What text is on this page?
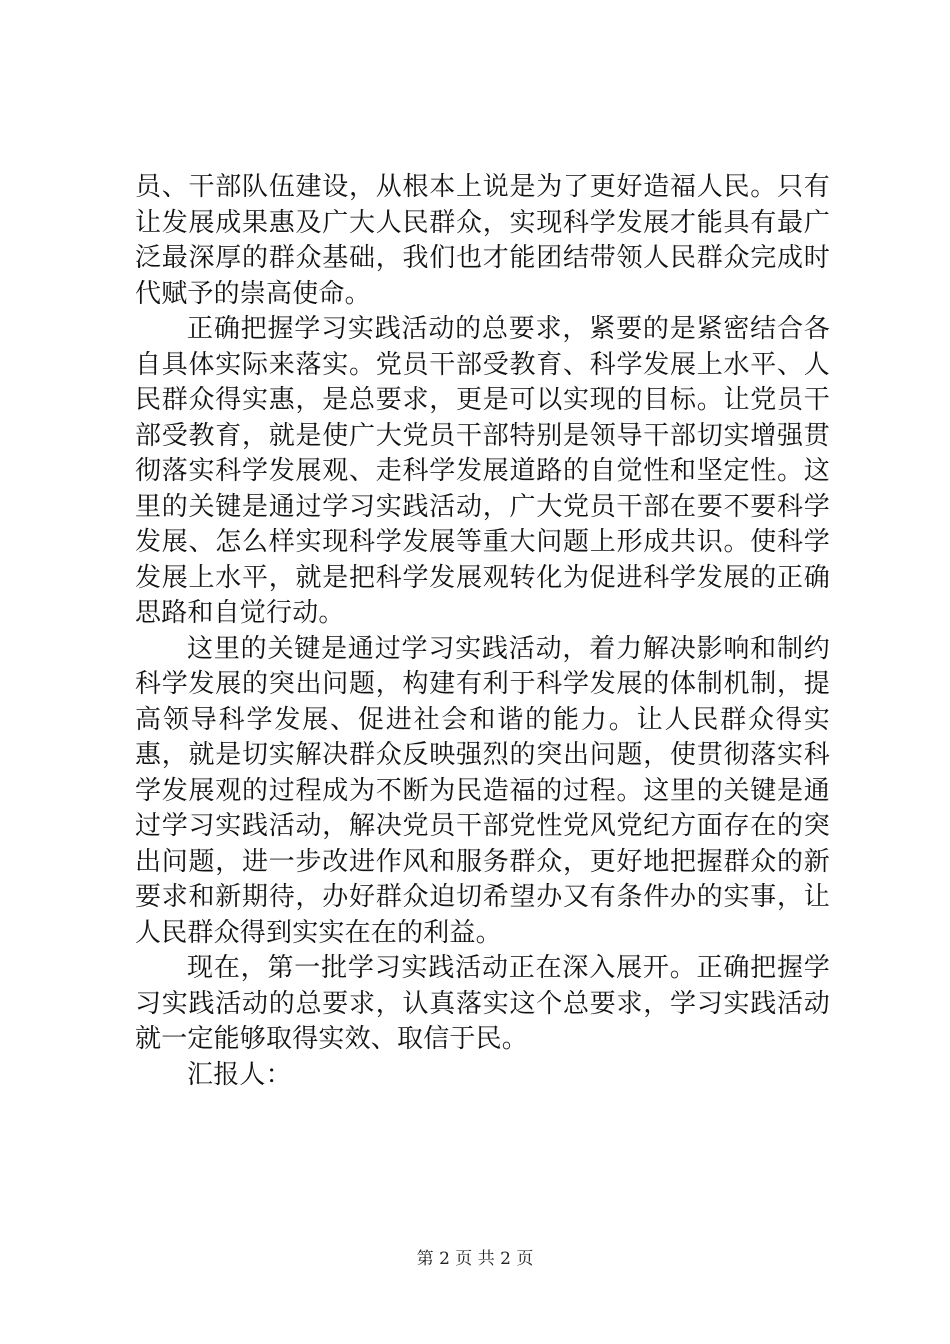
员、干部队伍建设，从根本上说是为了更好造福人民。只有让发展成果惠及广大人民群众，实现科学发展才能具有最广泛最深厚的群众基础，我们也才能团结带领人民群众完成时代赋予的崇高使命。

正确把握学习实践活动的总要求，紧要的是紧密结合各自具体实际来落实。党员干部受教育、科学发展上水平、人民群众得实惠，是总要求，更是可以实现的目标。让党员干部受教育，就是使广大党员干部特别是领导干部切实增强贯彻落实科学发展观、走科学发展道路的自觉性和坚定性。这里的关键是通过学习实践活动，广大党员干部在要不要科学发展、怎么样实现科学发展等重大问题上形成共识。使科学发展上水平，就是把科学发展观转化为促进科学发展的正确思路和自觉行动。

这里的关键是通过学习实践活动，着力解决影响和制约科学发展的突出问题，构建有利于科学发展的体制机制，提高领导科学发展、促进社会和谐的能力。让人民群众得实惠，就是切实解决群众反映强烈的突出问题，使贯彻落实科学发展观的过程成为不断为民造福的过程。这里的关键是通过学习实践活动，解决党员干部党性党风党纪方面存在的突出问题，进一步改进作风和服务群众，更好地把握群众的新要求和新期待，办好群众迫切希望办又有条件办的实事，让人民群众得到实实在在的利益。

现在，第一批学习实践活动正在深入展开。正确把握学习实践活动的总要求，认真落实这个总要求，学习实践活动就一定能够取得实效、取信于民。

汇报人：

第 2 页 共 2 页
